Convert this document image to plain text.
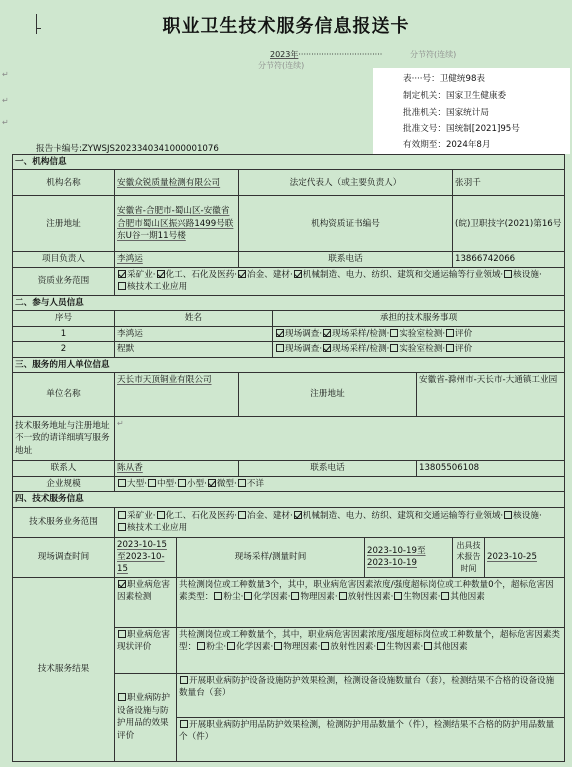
职业卫生技术服务信息报送卡
2023年·································	分节符(连续)
分节符(连续)
↵
↵
↵
表····号：卫健统98表
制定机关：国家卫生健康委
批准机关：国家统计局
批准文号：国统制[2021]95号
有效期至：2024年8月
报告卡编号:ZYWSJS2023340341000001076
一、机构信息								
机构名称	安徽众锐质量检测有限公司		法定代表人（或主要负责人）				张羽千	
注册地址	安徽省-合肥市-蜀山区-安徽省合肥市蜀山区振兴路1499号联东U谷一期11号楼		机构资质证书编号				(皖)卫职技字(2021)第16号	
项目负责人	李鸿运		联系电话				13866742066	
资质业务范围	采矿业· 化工、石化及医药· 冶金、建材· 机械制造、电力、纺织、建筑和交通运输等行业领域· 核设施·核技术工业应用							
二、参与人员信息								
序号	姓名			承担的技术服务事项				
1	李鸿运			现场调查· 现场采样/检测· 实验室检测· 评价				
2	程默			现场调查· 现场采样/检测· 实验室检测· 评价				
三、服务的用人单位信息								
单位名称	天长市天顶铜业有限公司		注册地址			安徽省-滁州市-天长市-大通镇工业园		
技术服务地址与注册地址不一致的请详细填写服务地址	↵							
联系人	陈从香		联系电话			13805506108		
企业规模	大型· 中型· 小型· 微型· 不详							
四、技术服务信息								
技术服务业务范围	采矿业· 化工、石化及医药· 冶金、建材· 机械制造、电力、纺织、建筑和交通运输等行业领域· 核设施·核技术工业应用							
现场调查时间	2023-10-15至2023-10-15	现场采样/测量时间			2023-10-19至2023-10-19		出具技术报告时间	2023-10-25
技术服务结果	职业病危害因素检测	共检测岗位或工种数量3个，其中，职业病危害因素浓度/强度超标岗位或工种数量0个，超标危害因素类型： 粉尘· 化学因素· 物理因素· 放射性因素· 生物因素· 其他因素						
	职业病危害现状评价	共检测岗位或工种数量个，其中，职业病危害因素浓度/强度超标岗位或工种数量个，超标危害因素类型： 粉尘· 化学因素· 物理因素· 放射性因素· 生物因素· 其他因素						
	职业病防护设备设施与防护用品的效果评价	开展职业病防护设备设施防护效果检测，检测设备设施数量台（套），检测结果不合格的设备设施数量台（套）						
		开展职业病防护用品防护效果检测，检测防护用品数量个（件），检测结果不合格的防护用品数量个（件）						
